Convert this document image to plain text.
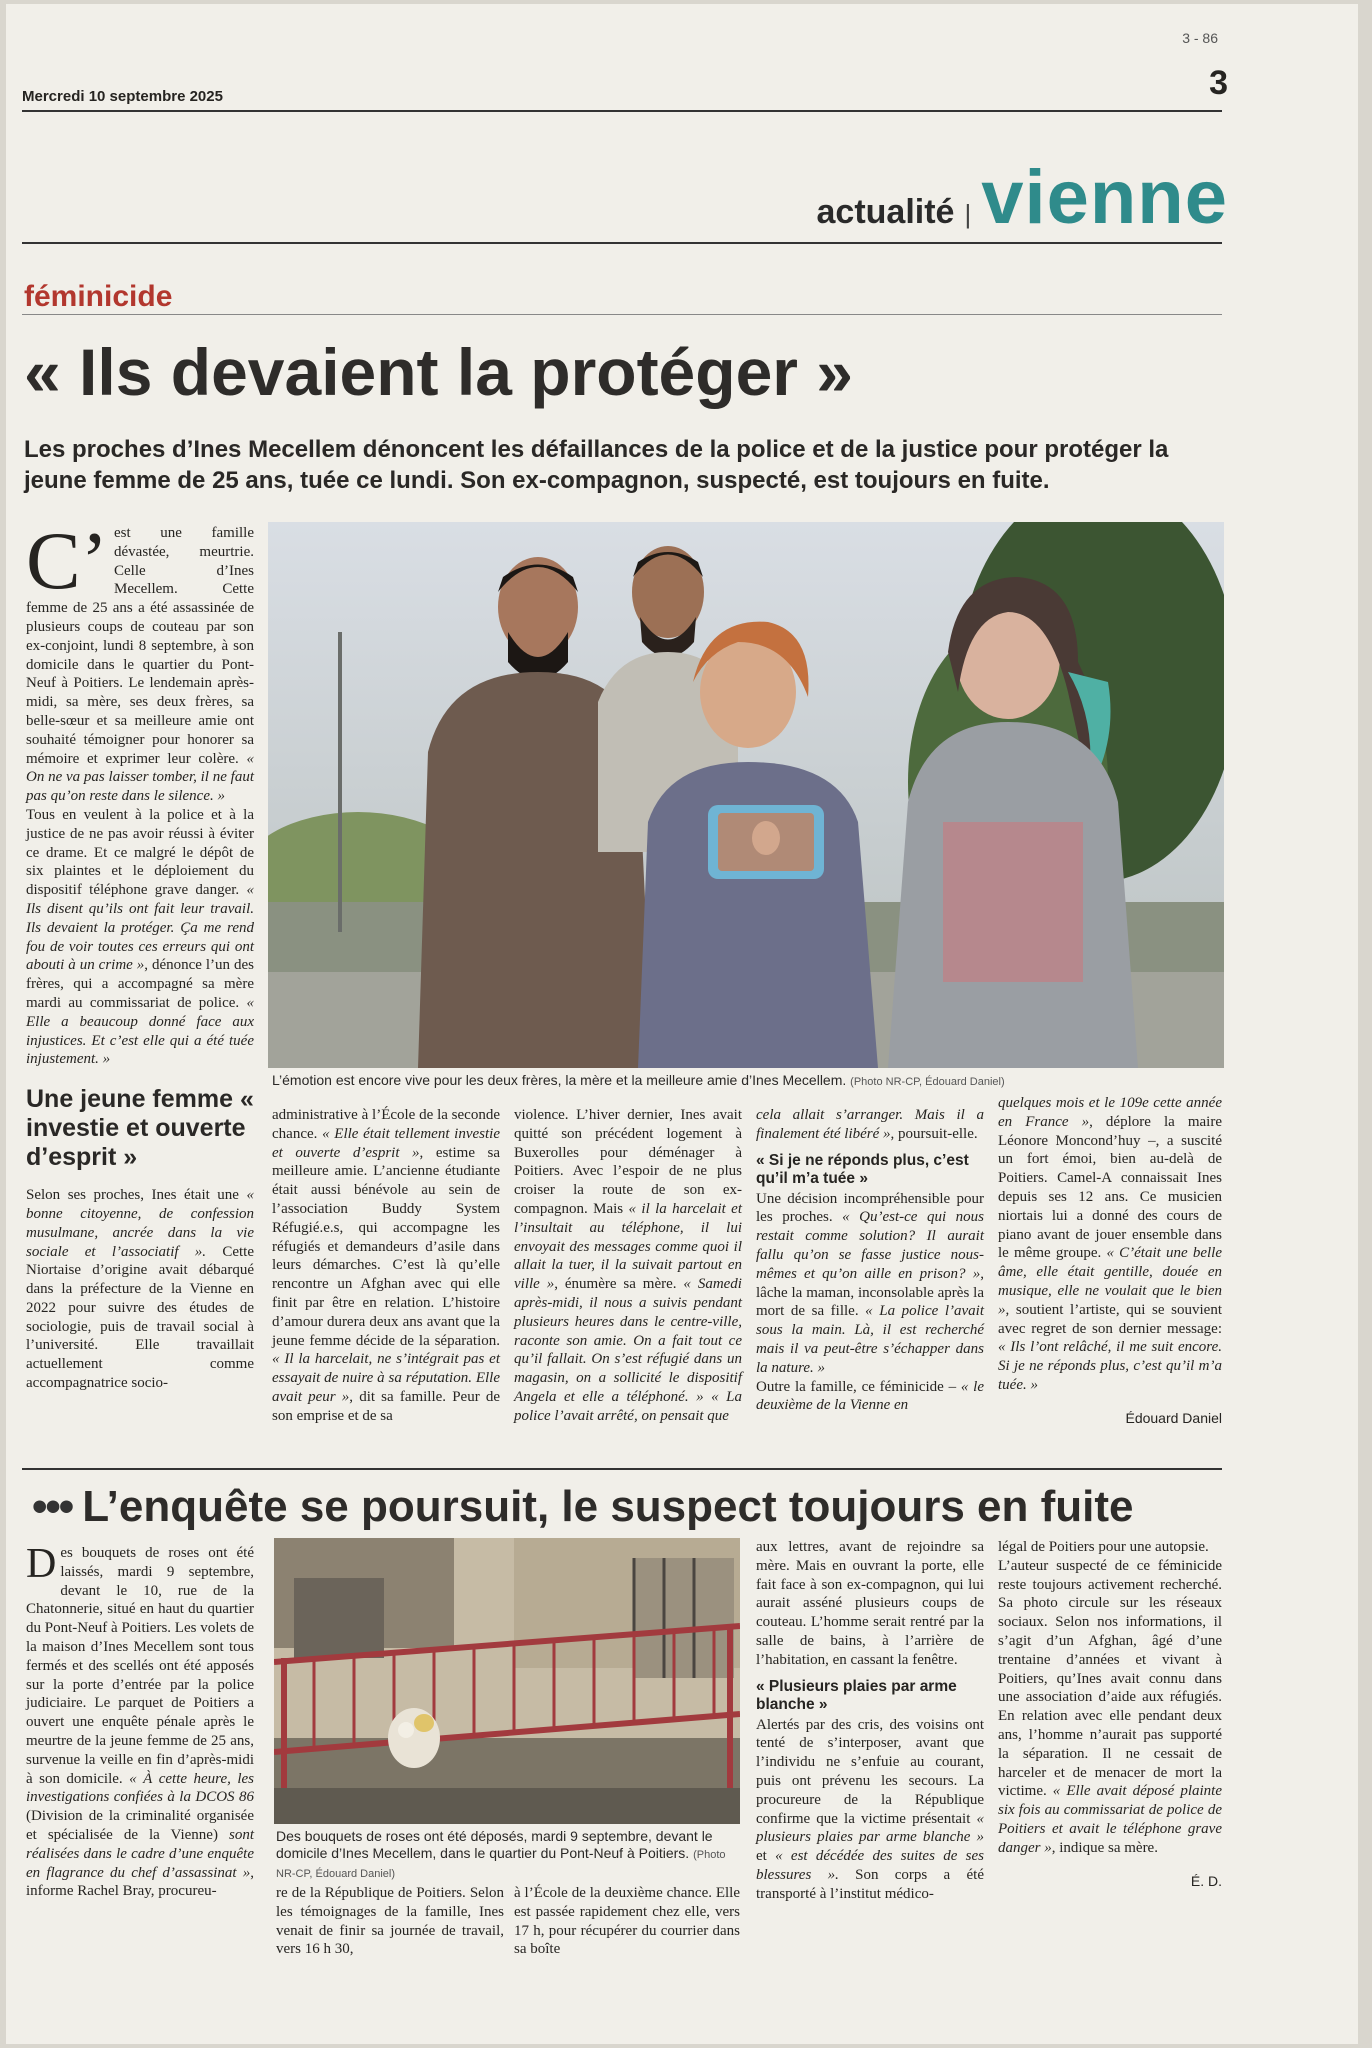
3 - 86
Mercredi 10 septembre 2025	3
actualité | vienne
féminicide
« Ils devaient la protéger »

Les proches d’Ines Mecellem dénoncent les défaillances de la police et de la justice pour protéger la jeune femme de 25 ans, tuée ce lundi. Son ex-compagnon, suspecté, est toujours en fuite.

C’ est une famille dévastée, meurtrie. Celle d’Ines Mecellem. Cette femme de 25 ans a été assassinée de plusieurs coups de couteau par son ex-conjoint, lundi 8 septembre, à son domicile dans le quartier du Pont-Neuf à Poitiers. Le lendemain après-midi, sa mère, ses deux frères, sa belle-sœur et sa meilleure amie ont souhaité témoigner pour honorer sa mémoire et exprimer leur colère. « On ne va pas laisser tomber, il ne faut pas qu’on reste dans le silence. »

Tous en veulent à la police et à la justice de ne pas avoir réussi à éviter ce drame. Et ce malgré le dépôt de six plaintes et le déploiement du dispositif téléphone grave danger. « Ils disent qu’ils ont fait leur travail. Ils devaient la protéger. Ça me rend fou de voir toutes ces erreurs qui ont abouti à un crime », dénonce l’un des frères, qui a accompagné sa mère mardi au commissariat de police. « Elle a beaucoup donné face aux injustices. Et c’est elle qui a été tuée injustement. »

Une jeune femme « investie et ouverte d’esprit »

Selon ses proches, Ines était une « bonne citoyenne, de confession musulmane, ancrée dans la vie sociale et l’associatif ». Cette Niortaise d’origine avait débarqué dans la préfecture de la Vienne en 2022 pour suivre des études de sociologie, puis de travail social à l’université. Elle travaillait actuellement comme accompagnatrice socio-

L’émotion est encore vive pour les deux frères, la mère et la meilleure amie d’Ines Mecellem. (Photo NR-CP, Édouard Daniel)

administrative à l’École de la seconde chance. « Elle était tellement investie et ouverte d’esprit », estime sa meilleure amie. L’ancienne étudiante était aussi bénévole au sein de l’association Buddy System Réfugié.e.s, qui accompagne les réfugiés et demandeurs d’asile dans leurs démarches. C’est là qu’elle rencontre un Afghan avec qui elle finit par être en relation. L’histoire d’amour durera deux ans avant que la jeune femme décide de la séparation. « Il la harcelait, ne s’intégrait pas et essayait de nuire à sa réputation. Elle avait peur », dit sa famille. Peur de son emprise et de sa

violence. L’hiver dernier, Ines avait quitté son précédent logement à Buxerolles pour déménager à Poitiers. Avec l’espoir de ne plus croiser la route de son ex-compagnon. Mais « il la harcelait et l’insultait au téléphone, il lui envoyait des messages comme quoi il allait la tuer, il la suivait partout en ville », énumère sa mère. « Samedi après-midi, il nous a suivis pendant plusieurs heures dans le centre-ville, raconte son amie. On a fait tout ce qu’il fallait. On s’est réfugié dans un magasin, on a sollicité le dispositif Angela et elle a téléphoné. » « La police l’avait arrêté, on pensait que

cela allait s’arranger. Mais il a finalement été libéré », poursuit-elle.

« Si je ne réponds plus, c’est qu’il m’a tuée »

Une décision incompréhensible pour les proches. « Qu’est-ce qui nous restait comme solution? Il aurait fallu qu’on se fasse justice nous-mêmes et qu’on aille en prison? », lâche la maman, inconsolable après la mort de sa fille. « La police l’avait sous la main. Là, il est recherché mais il va peut-être s’échapper dans la nature. »

Outre la famille, ce féminicide – « le deuxième de la Vienne en

quelques mois et le 109e cette année en France », déplore la maire Léonore Moncond’huy –, a suscité un fort émoi, bien au-delà de Poitiers. Camel-A connaissait Ines depuis ses 12 ans. Ce musicien niortais lui a donné des cours de piano avant de jouer ensemble dans le même groupe. « C’était une belle âme, elle était gentille, douée en musique, elle ne voulait que le bien », soutient l’artiste, qui se souvient avec regret de son dernier message: « Ils l’ont relâché, il me suit encore. Si je ne réponds plus, c’est qu’il m’a tuée. »

Édouard Daniel
••• L’enquête se poursuit, le suspect toujours en fuite

Des bouquets de roses ont été laissés, mardi 9 septembre, devant le 10, rue de la Chatonnerie, situé en haut du quartier du Pont-Neuf à Poitiers. Les volets de la maison d’Ines Mecellem sont tous fermés et des scellés ont été apposés sur la porte d’entrée par la police judiciaire. Le parquet de Poitiers a ouvert une enquête pénale après le meurtre de la jeune femme de 25 ans, survenue la veille en fin d’après-midi à son domicile. « À cette heure, les investigations confiées à la DCOS 86 (Division de la criminalité organisée et spécialisée de la Vienne) sont réalisées dans le cadre d’une enquête en flagrance du chef d’assassinat », informe Rachel Bray, procureu-

Des bouquets de roses ont été déposés, mardi 9 septembre, devant le domicile d’Ines Mecellem, dans le quartier du Pont-Neuf à Poitiers. (Photo NR-CP, Édouard Daniel)

re de la République de Poitiers. Selon les témoignages de la famille, Ines venait de finir sa journée de travail, vers 16 h 30,

à l’École de la deuxième chance. Elle est passée rapidement chez elle, vers 17 h, pour récupérer du courrier dans sa boîte

aux lettres, avant de rejoindre sa mère. Mais en ouvrant la porte, elle fait face à son ex-compagnon, qui lui aurait asséné plusieurs coups de couteau. L’homme serait rentré par la salle de bains, à l’arrière de l’habitation, en cassant la fenêtre.

« Plusieurs plaies par arme blanche »

Alertés par des cris, des voisins ont tenté de s’interposer, avant que l’individu ne s’enfuie au courant, puis ont prévenu les secours. La procureure de la République confirme que la victime présentait « plusieurs plaies par arme blanche » et « est décédée des suites de ses blessures ». Son corps a été transporté à l’institut médico-

légal de Poitiers pour une autopsie.

L’auteur suspecté de ce féminicide reste toujours activement recherché. Sa photo circule sur les réseaux sociaux. Selon nos informations, il s’agit d’un Afghan, âgé d’une trentaine d’années et vivant à Poitiers, qu’Ines avait connu dans une association d’aide aux réfugiés. En relation avec elle pendant deux ans, l’homme n’aurait pas supporté la séparation. Il ne cessait de harceler et de menacer de mort la victime. « Elle avait déposé plainte six fois au commissariat de police de Poitiers et avait le téléphone grave danger », indique sa mère.

É. D.
